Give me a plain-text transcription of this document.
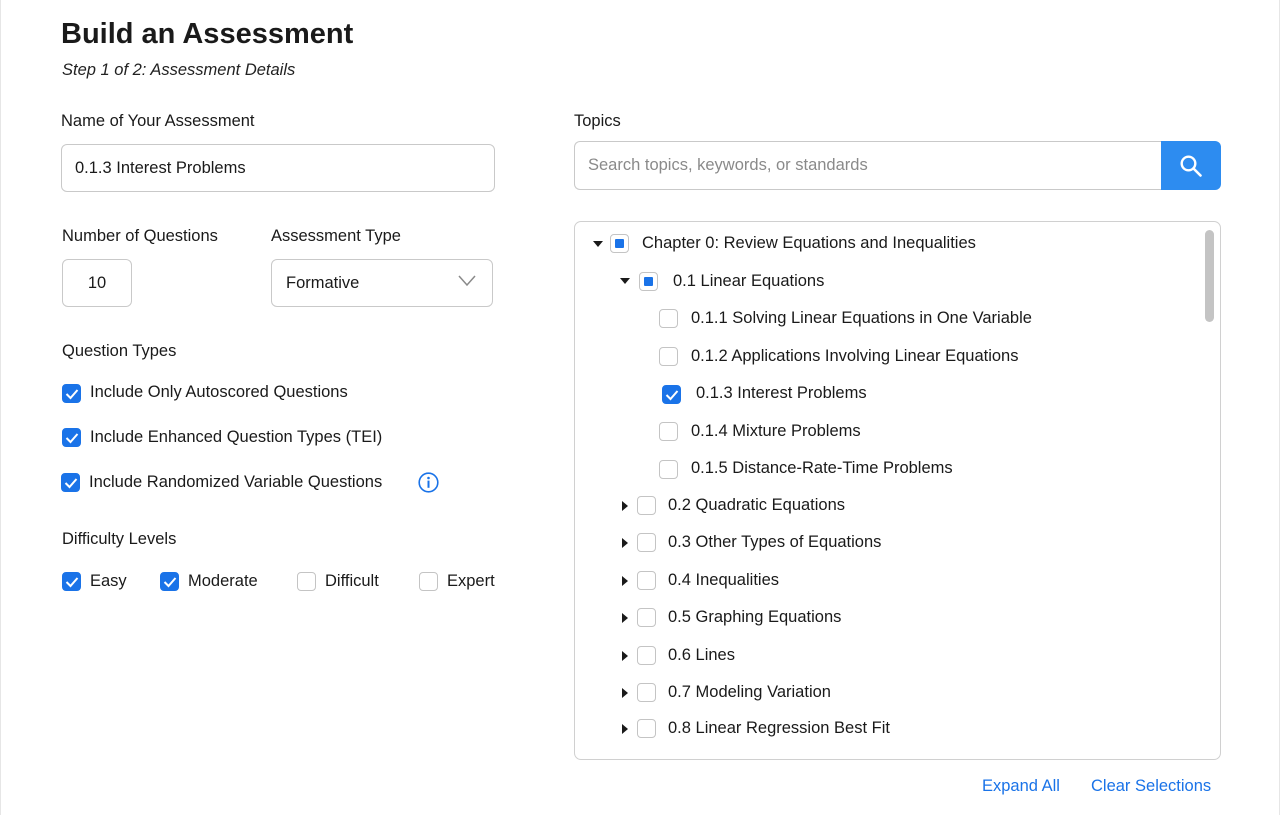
Build an Assessment
Step 1 of 2: Assessment Details
Name of Your Assessment
0.1.3 Interest Problems
Number of Questions
10	Assessment Type
Formative
Question Types
Include Only Autoscored Questions
Include Enhanced Question Types (TEI)
Include Randomized Variable Questions
Difficulty Levels
Easy	Moderate	Difficult	Expert
Topics
Search topics, keywords, or standards
Chapter 0: Review Equations and Inequalities
0.1 Linear Equations
0.1.1 Solving Linear Equations in One Variable
0.1.2 Applications Involving Linear Equations
0.1.3 Interest Problems
0.1.4 Mixture Problems
0.1.5 Distance-Rate-Time Problems
0.2 Quadratic Equations
0.3 Other Types of Equations
0.4 Inequalities
0.5 Graphing Equations
0.6 Lines
0.7 Modeling Variation
0.8 Linear Regression Best Fit
Expand All Clear Selections
